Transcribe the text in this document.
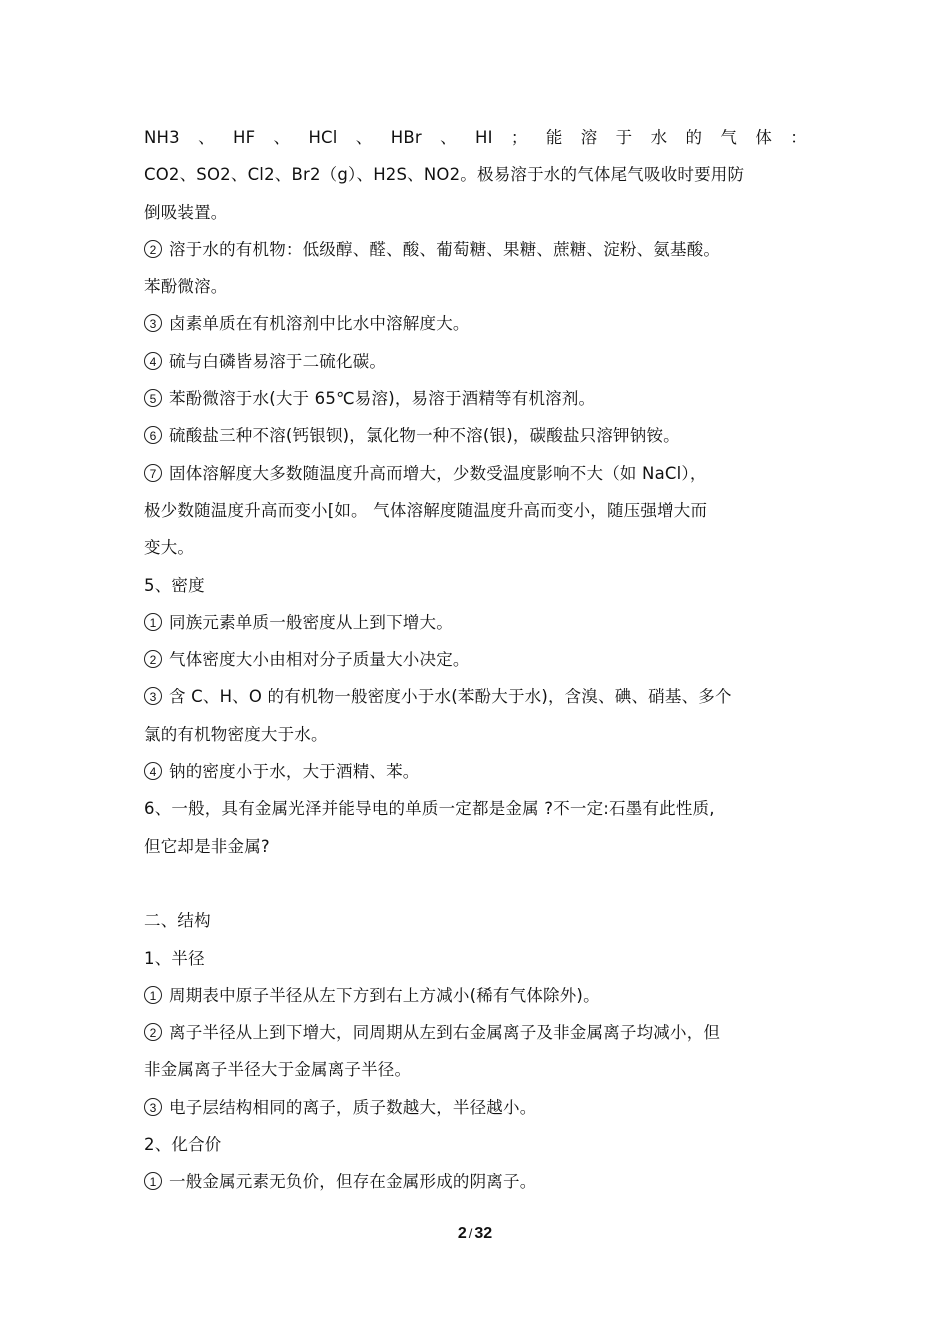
NH3 、 HF 、 HCl 、 HBr 、 HI ； 能 溶 于 水 的 气 体 ：
CO2、SO2、Cl2、Br2（g）、H2S、NO2。极易溶于水的气体尾气吸收时要用防
倒吸装置。
2 溶于水的有机物：低级醇、醛、酸、葡萄糖、果糖、蔗糖、淀粉、氨基酸。
苯酚微溶。
3 卤素单质在有机溶剂中比水中溶解度大。
4 硫与白磷皆易溶于二硫化碳。
5 苯酚微溶于水(大于 65℃易溶)，易溶于酒精等有机溶剂。
6 硫酸盐三种不溶(钙银钡)，氯化物一种不溶(银)，碳酸盐只溶钾钠铵。
7 固体溶解度大多数随温度升高而增大，少数受温度影响不大（如 NaCl），
极少数随温度升高而变小[如。 气体溶解度随温度升高而变小，随压强增大而
变大。
5、密度
1 同族元素单质一般密度从上到下增大。
2 气体密度大小由相对分子质量大小决定。
3 含 C、H、O 的有机物一般密度小于水(苯酚大于水)，含溴、碘、硝基、多个
氯的有机物密度大于水。
4 钠的密度小于水，大于酒精、苯。
6、一般，具有金属光泽并能导电的单质一定都是金属 ?不一定:石墨有此性质,
但它却是非金属?
二、结构
1、半径
1 周期表中原子半径从左下方到右上方减小(稀有气体除外)。
2 离子半径从上到下增大，同周期从左到右金属离子及非金属离子均减小，但
非金属离子半径大于金属离子半径。
3 电子层结构相同的离子，质子数越大，半径越小。
2、化合价
1 一般金属元素无负价，但存在金属形成的阴离子。
2 / 32
